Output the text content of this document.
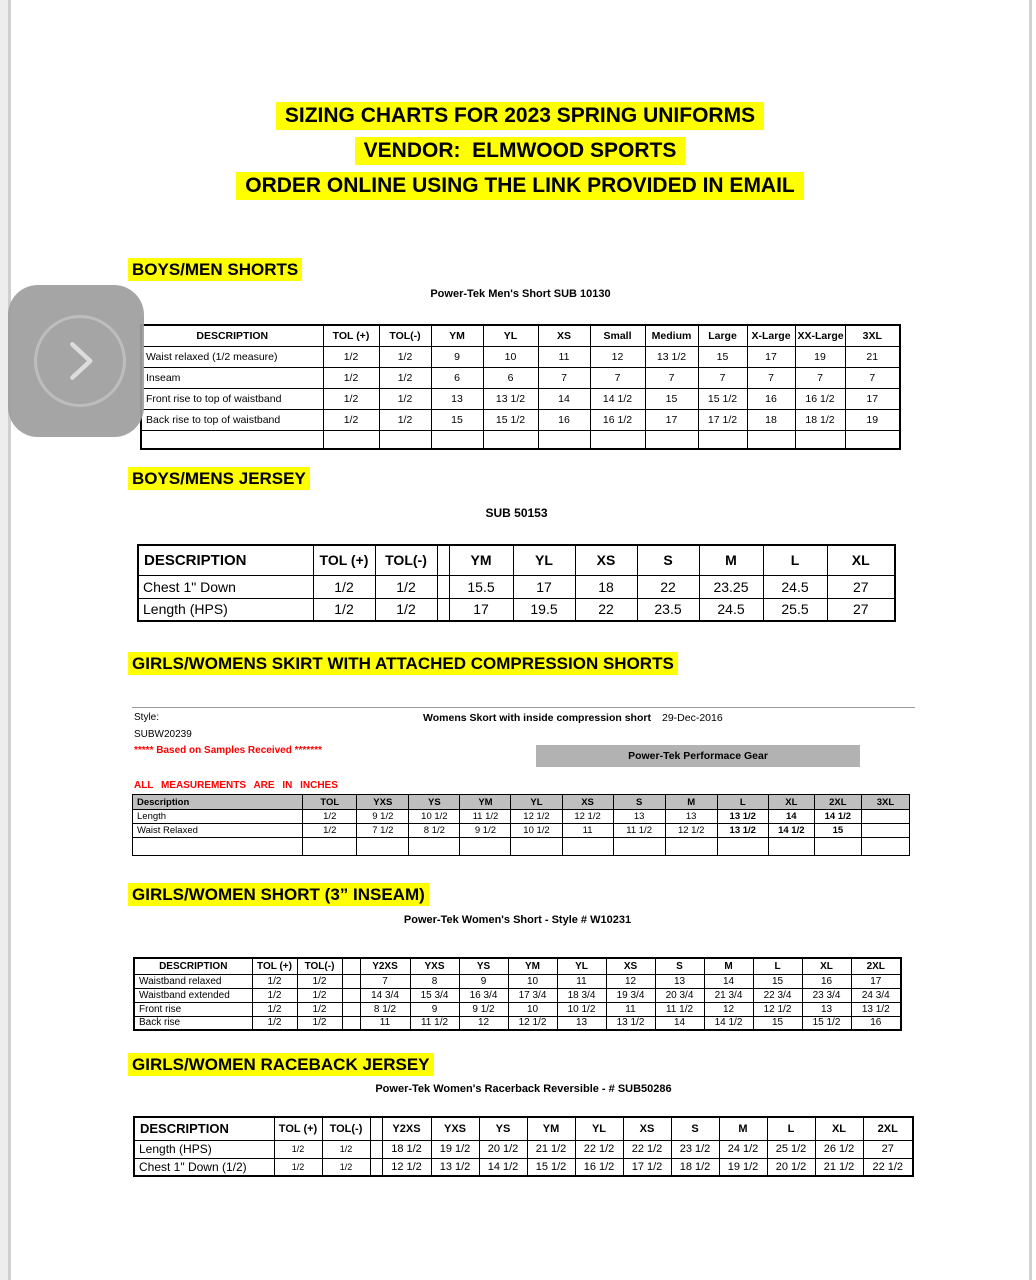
SIZING CHARTS FOR 2023 SPRING UNIFORMS
VENDOR:  ELMWOOD SPORTS
ORDER ONLINE USING THE LINK PROVIDED IN EMAIL
BOYS/MEN SHORTS
Power-Tek Men's Short SUB 10130
DESCRIPTION	TOL (+)	TOL(-)	YM	YL	XS	Small	Medium	Large	X-Large	XX-Large	3XL
Waist relaxed (1/2 measure)	1/2	1/2	9	10	11	12	13 1/2	15	17	19	21
Inseam	1/2	1/2	6	6	7	7	7	7	7	7	7
Front rise to top of waistband	1/2	1/2	13	13 1/2	14	14 1/2	15	15 1/2	16	16 1/2	17
Back rise to top of waistband	1/2	1/2	15	15 1/2	16	16 1/2	17	17 1/2	18	18 1/2	19

BOYS/MENS JERSEY
SUB 50153
DESCRIPTION	TOL (+)	TOL(-)		YM	YL	XS	S	M	L	XL
Chest 1" Down	1/2	1/2		15.5	17	18	22	23.25	24.5	27
Length (HPS)	1/2	1/2		17	19.5	22	23.5	24.5	25.5	27
GIRLS/WOMENS SKIRT WITH ATTACHED COMPRESSION SHORTS
Style:
SUBW20239
***** Based on Samples Received *******
Womens Skort with inside compression short	29-Dec-2016
Power-Tek Performace Gear
ALL MEASUREMENTS ARE IN INCHES
Description	TOL	YXS	YS	YM	YL	XS	S	M	L	XL	2XL	3XL
Length	1/2	9 1/2	10 1/2	11 1/2	12 1/2	12 1/2	13	13	13 1/2	14	14 1/2	
Waist Relaxed	1/2	7 1/2	8 1/2	9 1/2	10 1/2	11	11 1/2	12 1/2	13 1/2	14 1/2	15	

GIRLS/WOMEN SHORT (3” INSEAM)
Power-Tek Women's Short - Style # W10231
DESCRIPTION	TOL (+)	TOL(-)		Y2XS	YXS	YS	YM	YL	XS	S	M	L	XL	2XL
Waistband relaxed	1/2	1/2		7	8	9	10	11	12	13	14	15	16	17
Waistband extended	1/2	1/2		14 3/4	15 3/4	16 3/4	17 3/4	18 3/4	19 3/4	20 3/4	21 3/4	22 3/4	23 3/4	24 3/4
Front rise	1/2	1/2		8 1/2	9	9 1/2	10	10 1/2	11	11 1/2	12	12 1/2	13	13 1/2
Back rise	1/2	1/2		11	11 1/2	12	12 1/2	13	13 1/2	14	14 1/2	15	15 1/2	16
GIRLS/WOMEN RACEBACK JERSEY
Power-Tek Women's Racerback Reversible - # SUB50286
DESCRIPTION	TOL (+)	TOL(-)		Y2XS	YXS	YS	YM	YL	XS	S	M	L	XL	2XL
Length (HPS)	1/2	1/2		18 1/2	19 1/2	20 1/2	21 1/2	22 1/2	22 1/2	23 1/2	24 1/2	25 1/2	26 1/2	27
Chest 1" Down (1/2)	1/2	1/2		12 1/2	13 1/2	14 1/2	15 1/2	16 1/2	17 1/2	18 1/2	19 1/2	20 1/2	21 1/2	22 1/2
